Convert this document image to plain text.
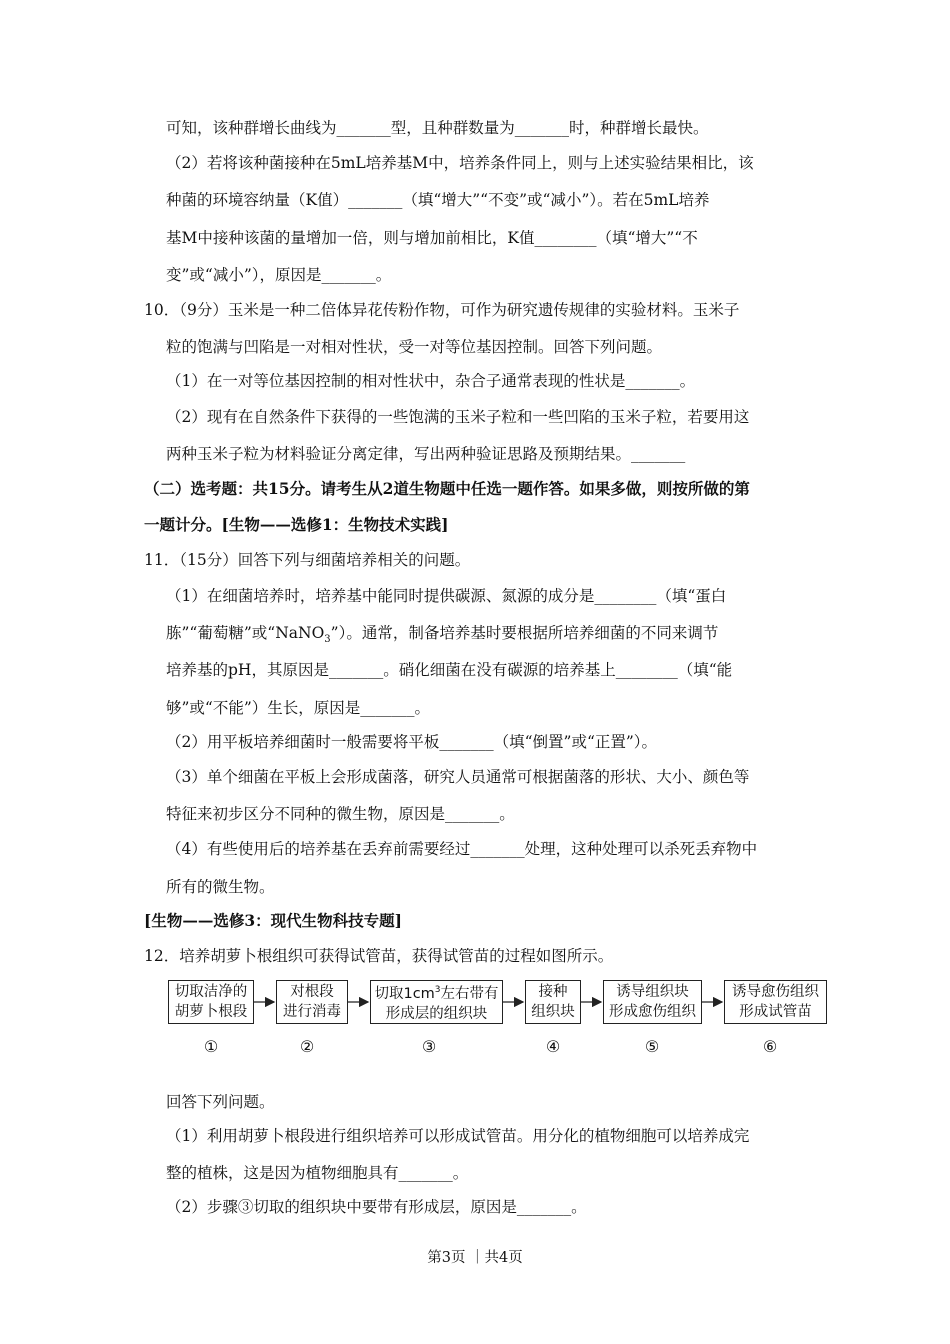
可知，该种群增长曲线为_______型，且种群数量为_______时，种群增长最快。
（2）若将该种菌接种在5mL培养基M中，培养条件同上，则与上述实验结果相比，该
种菌的环境容纳量（K值）_______（填“增大”“不变”或“减小”）。若在5mL培养
基M中接种该菌的量增加一倍，则与增加前相比，K值________（填“增大”“不
变”或“减小”），原因是_______。
10．（9分）玉米是一种二倍体异花传粉作物，可作为研究遗传规律的实验材料。玉米子
粒的饱满与凹陷是一对相对性状，受一对等位基因控制。回答下列问题。
（1）在一对等位基因控制的相对性状中，杂合子通常表现的性状是_______。
（2）现有在自然条件下获得的一些饱满的玉米子粒和一些凹陷的玉米子粒，若要用这
两种玉米子粒为材料验证分离定律，写出两种验证思路及预期结果。_______
（二）选考题：共15分。请考生从2道生物题中任选一题作答。如果多做，则按所做的第
一题计分。[生物——选修1：生物技术实践]
11．（15分）回答下列与细菌培养相关的问题。
（1）在细菌培养时，培养基中能同时提供碳源、氮源的成分是________（填“蛋白
胨”“葡萄糖”或“NaNO$_3$”）。通常，制备培养基时要根据所培养细菌的不同来调节
培养基的pH，其原因是_______。硝化细菌在没有碳源的培养基上________（填“能
够”或“不能”）生长，原因是_______。
（2）用平板培养细菌时一般需要将平板_______（填“倒置”或“正置”）。
（3）单个细菌在平板上会形成菌落，研究人员通常可根据菌落的形状、大小、颜色等
特征来初步区分不同种的微生物，原因是_______。
（4）有些使用后的培养基在丢弃前需要经过_______处理，这种处理可以杀死丢弃物中
所有的微生物。
[生物——选修3：现代生物科技专题]
12．培养胡萝卜根组织可获得试管苗，获得试管苗的过程如图所示。
切取洁净的
胡萝卜根段
对根段
进行消毒
切取$1cm^3$左右带有
形成层的组织块
接种
组织块
诱导组织块
形成愈伤组织
诱导愈伤组织
形成试管苗
①	②	③	④	⑤	⑥
回答下列问题。
（1）利用胡萝卜根段进行组织培养可以形成试管苗。用分化的植物细胞可以培养成完
整的植株，这是因为植物细胞具有_______。
（2）步骤③切取的组织块中要带有形成层，原因是_______。
第3页 ｜共4页
